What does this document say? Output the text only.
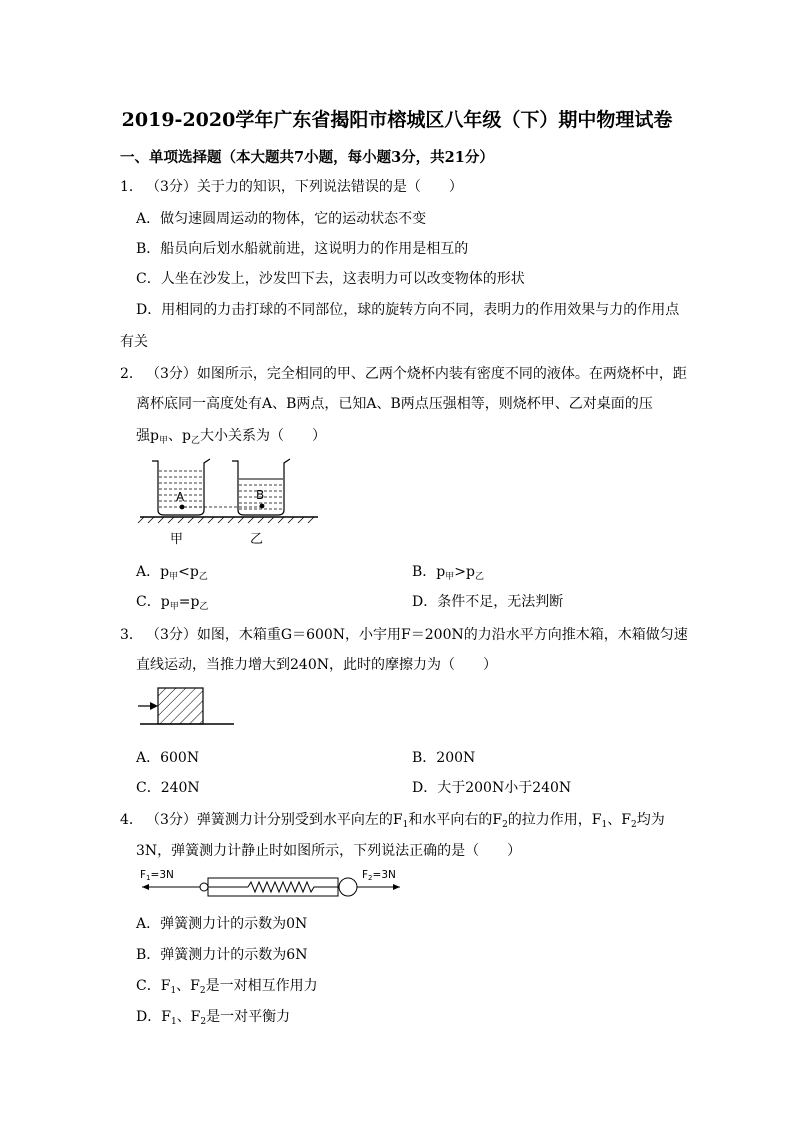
2019-2020学年广东省揭阳市榕城区八年级（下）期中物理试卷
一、单项选择题（本大题共7小题，每小题3分，共21分）
1． （3分）关于力的知识，下列说法错误的是（　　）
A．做匀速圆周运动的物体，它的运动状态不变
B．船员向后划水船就前进，这说明力的作用是相互的
C．人坐在沙发上，沙发凹下去，这表明力可以改变物体的形状
D．用相同的力击打球的不同部位，球的旋转方向不同，表明力的作用效果与力的作用点
有关
2． （3分）如图所示，完全相同的甲、乙两个烧杯内装有密度不同的液体。在两烧杯中，距
离杯底同一高度处有A、B两点，已知A、B两点压强相等，则烧杯甲、乙对桌面的压
强$p_甲$、$p_乙$大小关系为（　　）
A	B
甲	乙
A．$p_甲<p_乙$	B．$p_甲>p_乙$
C．$p_甲=p_乙$	D．条件不足，无法判断
3． （3分）如图，木箱重G＝600N，小宇用F＝200N的力沿水平方向推木箱，木箱做匀速
直线运动，当推力增大到240N，此时的摩擦力为（　　）
A．600N	B．200N
C．240N	D．大于200N小于240N
4． （3分）弹簧测力计分别受到水平向左的$F_1$和水平向右的$F_2$的拉力作用，$F_1$、$F_2$均为
3N，弹簧测力计静止时如图所示，下列说法正确的是（　　）
F1=3N	F2=3N
A．弹簧测力计的示数为0N
B．弹簧测力计的示数为6N
C．$F_1$、$F_2$是一对相互作用力
D．$F_1$、$F_2$是一对平衡力
